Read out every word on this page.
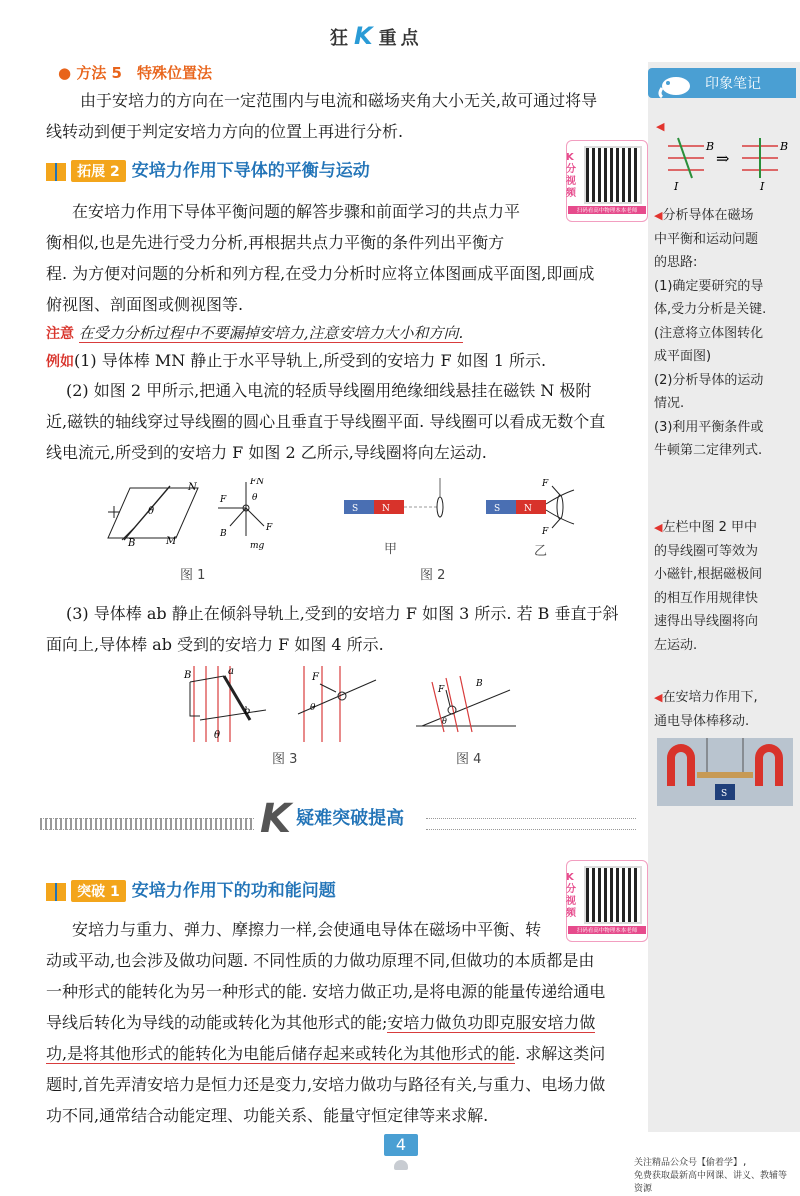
狂K 重点
印象笔记
◀
B	B
I	I
⇒
◀分析导体在磁场
中平衡和运动问题
的思路:
(1)确定要研究的导
体,受力分析是关键.
(注意将立体图转化
成平面图)
(2)分析导体的运动
情况.
(3)利用平衡条件或
牛顿第二定律列式.
◀左栏中图 2 甲中
的导线圈可等效为
小磁针,根据磁极间
的相互作用规律快
速得出导线圈将向
左运动.
◀在安培力作用下,
通电导体棒移动.
S
● 方法 5　特殊位置法
由于安培力的方向在一定范围内与电流和磁场夹角大小无关,故可通过将导
线转动到便于判定安培力方向的位置上再进行分析.
拓展 2 安培力作用下导体的平衡与运动
K分视频
扫码看高中物理本本老师
在安培力作用下导体平衡问题的解答步骤和前面学习的共点力平
衡相似,也是先进行受力分析,再根据共点力平衡的条件列出平衡方
程. 为方便对问题的分析和列方程,在受力分析时应将立体图画成平面图,即画成
俯视图、剖面图或侧视图等.
注意 在受力分析过程中不要漏掉安培力,注意安培力大小和方向.
例如(1) 导体棒 MN 静止于水平导轨上,所受到的安培力 F 如图 1 所示.
(2) 如图 2 甲所示,把通入电流的轻质导线圈用绝缘细线悬挂在磁铁 N 极附
近,磁铁的轴线穿过导线圈的圆心且垂直于导线圈平面. 导线圈可以看成无数个直
线电流元,所受到的安培力 F 如图 2 乙所示,导线圈将向左运动.
N
M
B
θ
FN
F
mg
B
θ
F
图 1
S	N	S	N
F
F
甲	乙
图 2
(3) 导体棒 ab 静止在倾斜导轨上,受到的安培力 F 如图 3 所示. 若 B 垂直于斜
面向上,导体棒 ab 受到的安培力 F 如图 4 所示.
B	a
b
θ
F
θ
图 3
F
θ
B
图 4
K 疑难突破提高
突破 1 安培力作用下的功和能问题
K分视频
扫码看高中物理本本老师
安培力与重力、弹力、摩擦力一样,会使通电导体在磁场中平衡、转
动或平动,也会涉及做功问题. 不同性质的力做功原理不同,但做功的本质都是由
一种形式的能转化为另一种形式的能. 安培力做正功,是将电源的能量传递给通电
导线后转化为导线的动能或转化为其他形式的能;安培力做负功即克服安培力做
功,是将其他形式的能转化为电能后储存起来或转化为其他形式的能. 求解这类问
题时,首先弄清安培力是恒力还是变力,安培力做功与路径有关,与重力、电场力做
功不同,通常结合动能定理、功能关系、能量守恒定律等来求解.
4
关注精品公众号【偷着学】,
免费获取最新高中网课、讲义、教辅等资源
